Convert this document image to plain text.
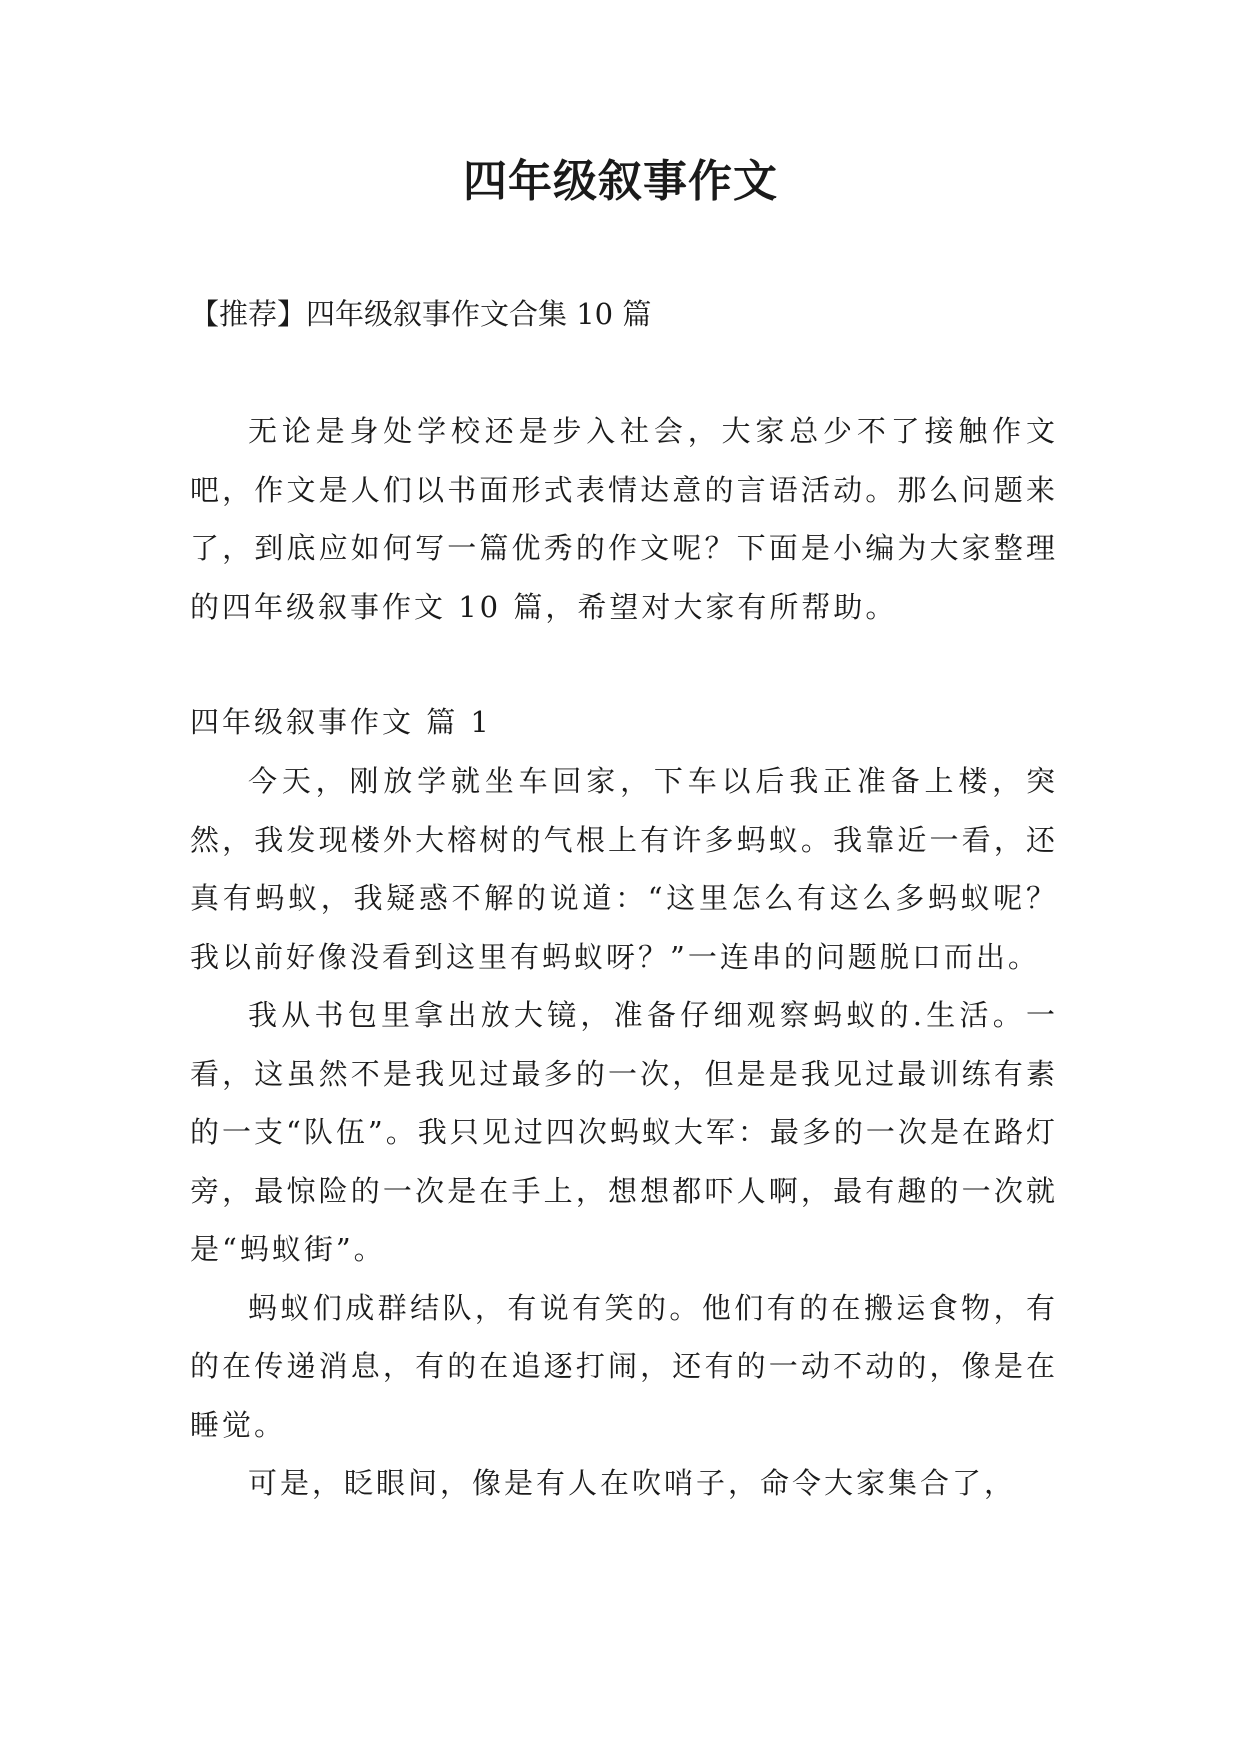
四年级叙事作文
【推荐】四年级叙事作文合集 10 篇

无论是身处学校还是步入社会，大家总少不了接触作文吧，作文是人们以书面形式表情达意的言语活动。那么问题来了，到底应如何写一篇优秀的作文呢？下面是小编为大家整理的四年级叙事作文 10 篇，希望对大家有所帮助。

四年级叙事作文 篇 1

今天，刚放学就坐车回家，下车以后我正准备上楼，突然，我发现楼外大榕树的气根上有许多蚂蚁。我靠近一看，还真有蚂蚁，我疑惑不解的说道：“这里怎么有这么多蚂蚁呢？我以前好像没看到这里有蚂蚁呀？”一连串的问题脱口而出。

我从书包里拿出放大镜，准备仔细观察蚂蚁的.生活。一看，这虽然不是我见过最多的一次，但是是我见过最训练有素的一支“队伍”。我只见过四次蚂蚁大军：最多的一次是在路灯旁，最惊险的一次是在手上，想想都吓人啊，最有趣的一次就是“蚂蚁街”。

蚂蚁们成群结队，有说有笑的。他们有的在搬运食物，有的在传递消息，有的在追逐打闹，还有的一动不动的，像是在睡觉。

可是，眨眼间，像是有人在吹哨子，命令大家集合了，
